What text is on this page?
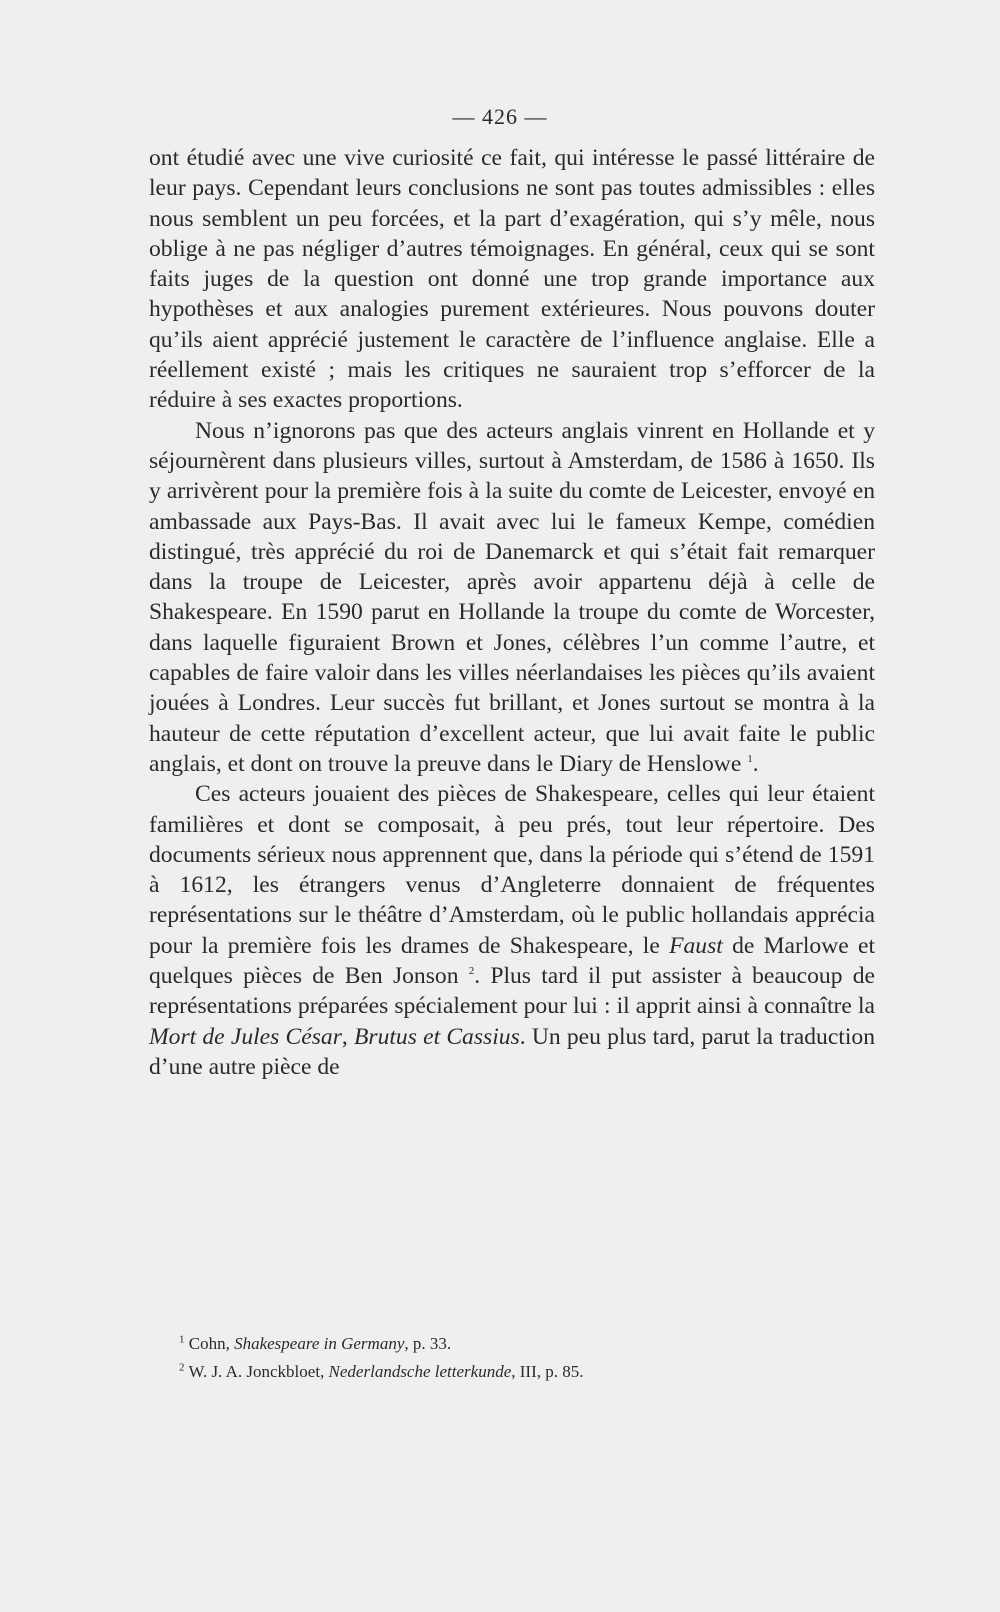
— 426 —

ont étudié avec une vive curiosité ce fait, qui intéresse le passé littéraire de leur pays. Cependant leurs conclusions ne sont pas toutes admissibles : elles nous semblent un peu forcées, et la part d’exagération, qui s’y mêle, nous oblige à ne pas négliger d’autres témoignages. En général, ceux qui se sont faits juges de la question ont donné une trop grande importance aux hypothèses et aux analogies purement extérieures. Nous pouvons douter qu’ils aient apprécié justement le caractère de l’influence anglaise. Elle a réellement existé ; mais les critiques ne sauraient trop s’efforcer de la réduire à ses exactes proportions.

Nous n’ignorons pas que des acteurs anglais vinrent en Hollande et y séjournèrent dans plusieurs villes, surtout à Amsterdam, de 1586 à 1650. Ils y arrivèrent pour la première fois à la suite du comte de Leicester, envoyé en ambassade aux Pays-Bas. Il avait avec lui le fameux Kempe, comédien distingué, très apprécié du roi de Danemarck et qui s’était fait remarquer dans la troupe de Leicester, après avoir appartenu déjà à celle de Shakespeare. En 1590 parut en Hollande la troupe du comte de Worcester, dans laquelle figuraient Brown et Jones, célèbres l’un comme l’autre, et capables de faire valoir dans les villes néerlandaises les pièces qu’ils avaient jouées à Londres. Leur succès fut brillant, et Jones surtout se montra à la hauteur de cette réputation d’excellent acteur, que lui avait faite le public anglais, et dont on trouve la preuve dans le Diary de Henslowe $^1$.

Ces acteurs jouaient des pièces de Shakespeare, celles qui leur étaient familières et dont se composait, à peu prés, tout leur répertoire. Des documents sérieux nous apprennent que, dans la période qui s’étend de 1591 à 1612, les étrangers venus d’Angleterre donnaient de fréquentes représentations sur le théâtre d’Amsterdam, où le public hollandais apprécia pour la première fois les drames de Shakespeare, le Faust de Marlowe et quelques pièces de Ben Jonson $^2$. Plus tard il put assister à beaucoup de représentations préparées spécialement pour lui : il apprit ainsi à connaître la Mort de Jules César, Brutus et Cassius. Un peu plus tard, parut la traduction d’une autre pièce de

$^1$ Cohn, Shakespeare in Germany, p. 33.
$^2$ W. J. A. Jonckbloet, Nederlandsche letterkunde, III, p. 85.
